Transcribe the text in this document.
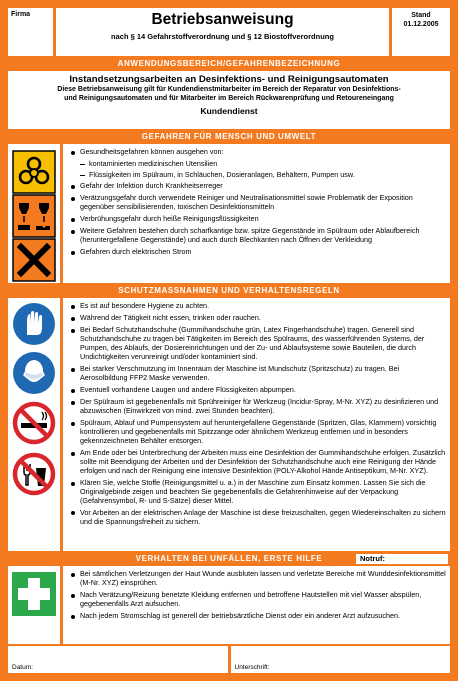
Firma	Betriebsanweisung
nach § 14 Gefahrstoffverordnung und § 12 Biostoffverordnung
Stand
01.12.2005
ANWENDUNGSBEREICH/GEFAHRENBEZEICHNUNG
Instandsetzungsarbeiten an Desinfektions- und Reinigungsautomaten
Diese Betriebsanweisung gilt für Kundendienstmitarbeiter im Bereich der Reparatur von Desinfektions-
und Reinigungsautomaten und für Mitarbeiter im Bereich Rückwarenprüfung und Retoureneingang
Kundendienst
GEFAHREN FÜR MENSCH UND UMWELT
Gesundheitsgefahren können ausgehen von:
kontaminierten medizinischen Utensilien
Flüssigkeiten im Spülraum, in Schläuchen, Dosieranlagen, Behältern, Pumpen usw.
Gefahr der Infektion durch Krankheitserreger
Verätzungsgefahr durch verwendete Reiniger und Neutralisationsmittel sowie Problematik der Exposition gegenüber sensibilisierenden, toxischen Desinfektionsmitteln
Verbrühungsgefahr durch heiße Reinigungsflüssigkeiten
Weitere Gefahren bestehen durch scharfkantige bzw. spitze Gegenstände im Spülraum oder Ablaufbereich (heruntergefallene Gegenstände) und auch durch Blechkanten nach Öffnen der Verkleidung
Gefahren durch elektrischen Strom
SCHUTZMASSNAHMEN UND VERHALTENSREGELN
Es ist auf besondere Hygiene zu achten.
Während der Tätigkeit nicht essen, trinken oder rauchen.
Bei Bedarf Schutzhandschuhe (Gummihandschuhe grün, Latex Fingerhandschuhe) tragen. Generell sind Schutzhandschuhe zu tragen bei Tätigkeiten im Bereich des Spülraums, des wasserführenden Systems, der Pumpen, des Ablaufs, der Dosiereinrichtungen und der Zu- und Ablaufsysteme sowie Bauteilen, die durch Undichtigkeiten verunreinigt und/oder kontaminiert sind.
Bei starker Verschmutzung im Innenraum der Maschine ist Mundschutz (Spritzschutz) zu tragen. Bei Aerosolbildung FFP2 Maske verwenden.
Eventuell vorhandene Laugen und andere Flüssigkeiten abpumpen.
Der Spülraum ist gegebenenfalls mit Sprühreiniger für Werkzeug (Incidur-Spray, M-Nr. XYZ) zu desinfizieren und abzuwischen (Einwirkzeit von mind. zwei Stunden beachten).
Spülraum, Ablauf und Pumpensystem auf heruntergefallene Gegenstände (Spritzen, Glas, Klammern) vorsichtig kontrollieren und gegebenenfalls mit Spitzzange oder ähnlichem Werkzeug entfernen und in besonders gekennzeichneten Behälter entsorgen.
Am Ende oder bei Unterbrechung der Arbeiten muss eine Desinfektion der Gummihandschuhe erfolgen. Zusätzlich sollte mit Beendigung der Arbeiten und der Desinfektion der Schutzhandschuhe auch eine Reinigung der Hände erfolgen und nach der Reinigung eine intensive Desinfektion (POLY-Alkohol Hände Antiseptikum, M-Nr. XYZ).
Klären Sie, welche Stoffe (Reinigungsmittel u. a.) in der Maschine zum Einsatz kommen. Lassen Sie sich die Originalgebinde zeigen und beachten Sie gegebenenfalls die Gefahrenhinweise auf der Verpackung (Gefahrensymbol, R- und S-Sätze) dieser Mittel.
Vor Arbeiten an der elektrischen Anlage der Maschine ist diese freizuschalten, gegen Wiedereinschalten zu sichern und die Spannungsfreiheit zu sichern.
VERHALTEN BEI UNFÄLLEN, ERSTE HILFE	Notruf:
Bei sämtlichen Verletzungen der Haut Wunde ausbluten lassen und verletzte Bereiche mit Wunddesinfektionsmittel (M-Nr. XYZ) einsprühen.
Nach Verätzung/Reizung benetzte Kleidung entfernen und betroffene Hautstellen mit viel Wasser abspülen, gegebenenfalls Arzt aufsuchen.
Nach jedem Stromschlag ist generell der betriebsärztliche Dienst oder ein anderer Arzt aufzusuchen.
Datum:	Unterschrift:
